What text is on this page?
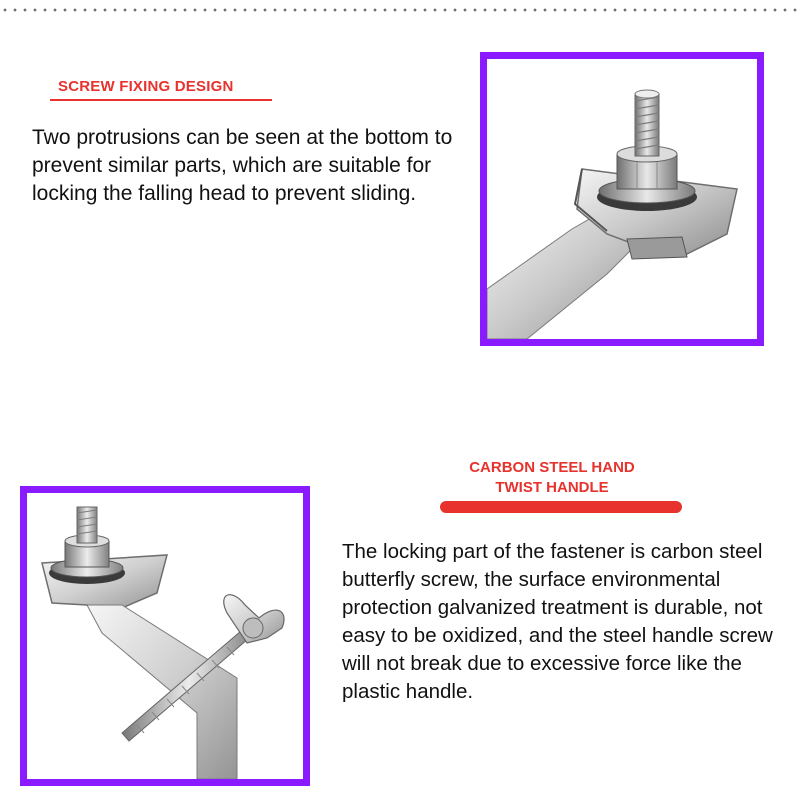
SCREW FIXING DESIGN

Two protrusions can be seen at the bottom to prevent similar parts, which are suitable for locking the falling head to prevent sliding.

CARBON STEEL HAND
TWIST HANDLE

The locking part of the fastener is carbon steel butterfly screw, the surface environmental protection galvanized treatment is durable, not easy to be oxidized, and the steel handle screw will not break due to excessive force like the plastic handle.
